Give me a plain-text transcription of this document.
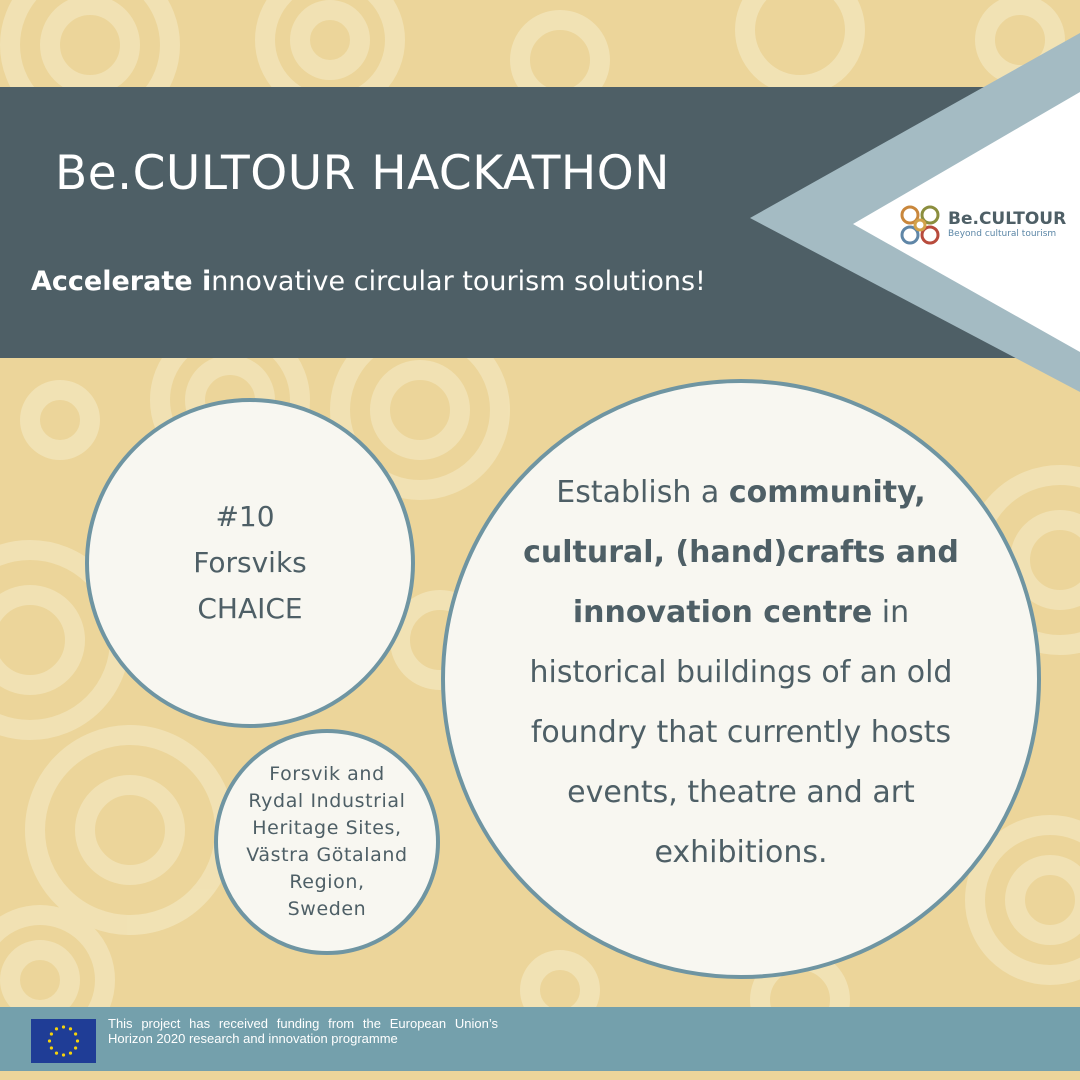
Be.CULTOUR HACKATHON

Accelerate innovative circular tourism solutions!

Be.CULTOUR
Beyond cultural tourism
#10
Forsviks
CHAICE
Forsvik and
Rydal Industrial
Heritage Sites,
Västra Götaland
Region,
Sweden
Establish a community, cultural, (hand)crafts and innovation centre in historical buildings of an old foundry that currently hosts events, theatre and art exhibitions.

This project has received funding from the European Union’s Horizon 2020 research and innovation programme
